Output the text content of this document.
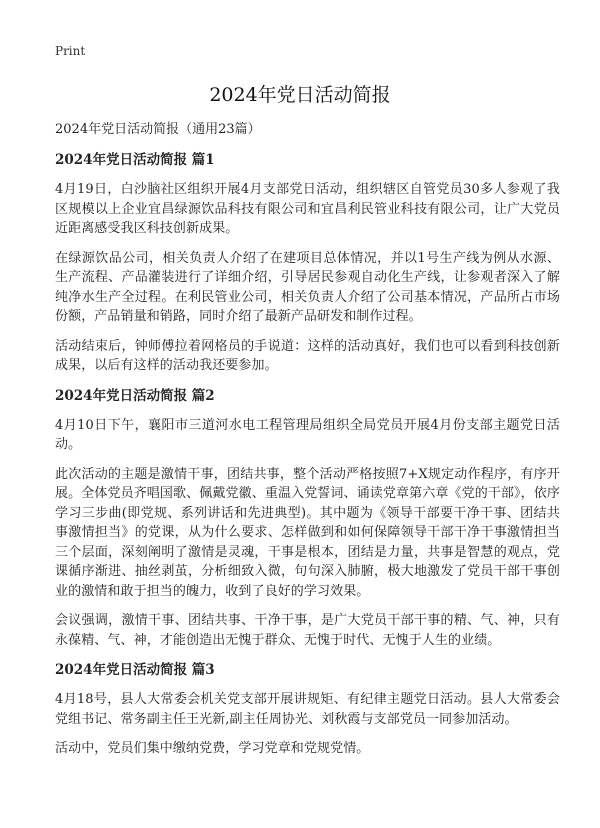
Print
2024年党日活动简报

2024年党日活动简报（通用23篇）

2024年党日活动简报 篇1

4月19日，白沙脑社区组织开展4月支部党日活动，组织辖区自管党员30多人参观了我区规模以上企业宜昌绿源饮品科技有限公司和宜昌利民管业科技有限公司，让广大党员近距离感受我区科技创新成果。

在绿源饮品公司，相关负责人介绍了在建项目总体情况，并以1号生产线为例从水源、生产流程、产品灌装进行了详细介绍，引导居民参观自动化生产线，让参观者深入了解纯净水生产全过程。在利民管业公司，相关负责人介绍了公司基本情况，产品所占市场份额，产品销量和销路，同时介绍了最新产品研发和制作过程。

活动结束后，钟师傅拉着网格员的手说道：这样的活动真好，我们也可以看到科技创新成果，以后有这样的活动我还要参加。

2024年党日活动简报 篇2

4月10日下午，襄阳市三道河水电工程管理局组织全局党员开展4月份支部主题党日活动。

此次活动的主题是激情干事，团结共事，整个活动严格按照7+X规定动作程序，有序开展。全体党员齐唱国歌、佩戴党徽、重温入党誓词、诵读党章第六章《党的干部》，依序学习三步曲(即党规、系列讲话和先进典型)。其中题为《领导干部要干净干事、团结共事激情担当》的党课，从为什么要求、怎样做到和如何保障领导干部干净干事激情担当三个层面，深刻阐明了激情是灵魂，干事是根本，团结是力量，共事是智慧的观点，党课循序渐进、抽丝剥茧，分析细致入微，句句深入肺腑，极大地激发了党员干部干事创业的激情和敢于担当的魄力，收到了良好的学习效果。

会议强调，激情干事、团结共事、干净干事，是广大党员干部干事的精、气、神，只有永葆精、气、神，才能创造出无愧于群众、无愧于时代、无愧于人生的业绩。

2024年党日活动简报 篇3

4月18号，县人大常委会机关党支部开展讲规矩、有纪律主题党日活动。县人大常委会党组书记、常务副主任王光新,副主任周协光、刘秋霞与支部党员一同参加活动。

活动中，党员们集中缴纳党费，学习党章和党规党情。
